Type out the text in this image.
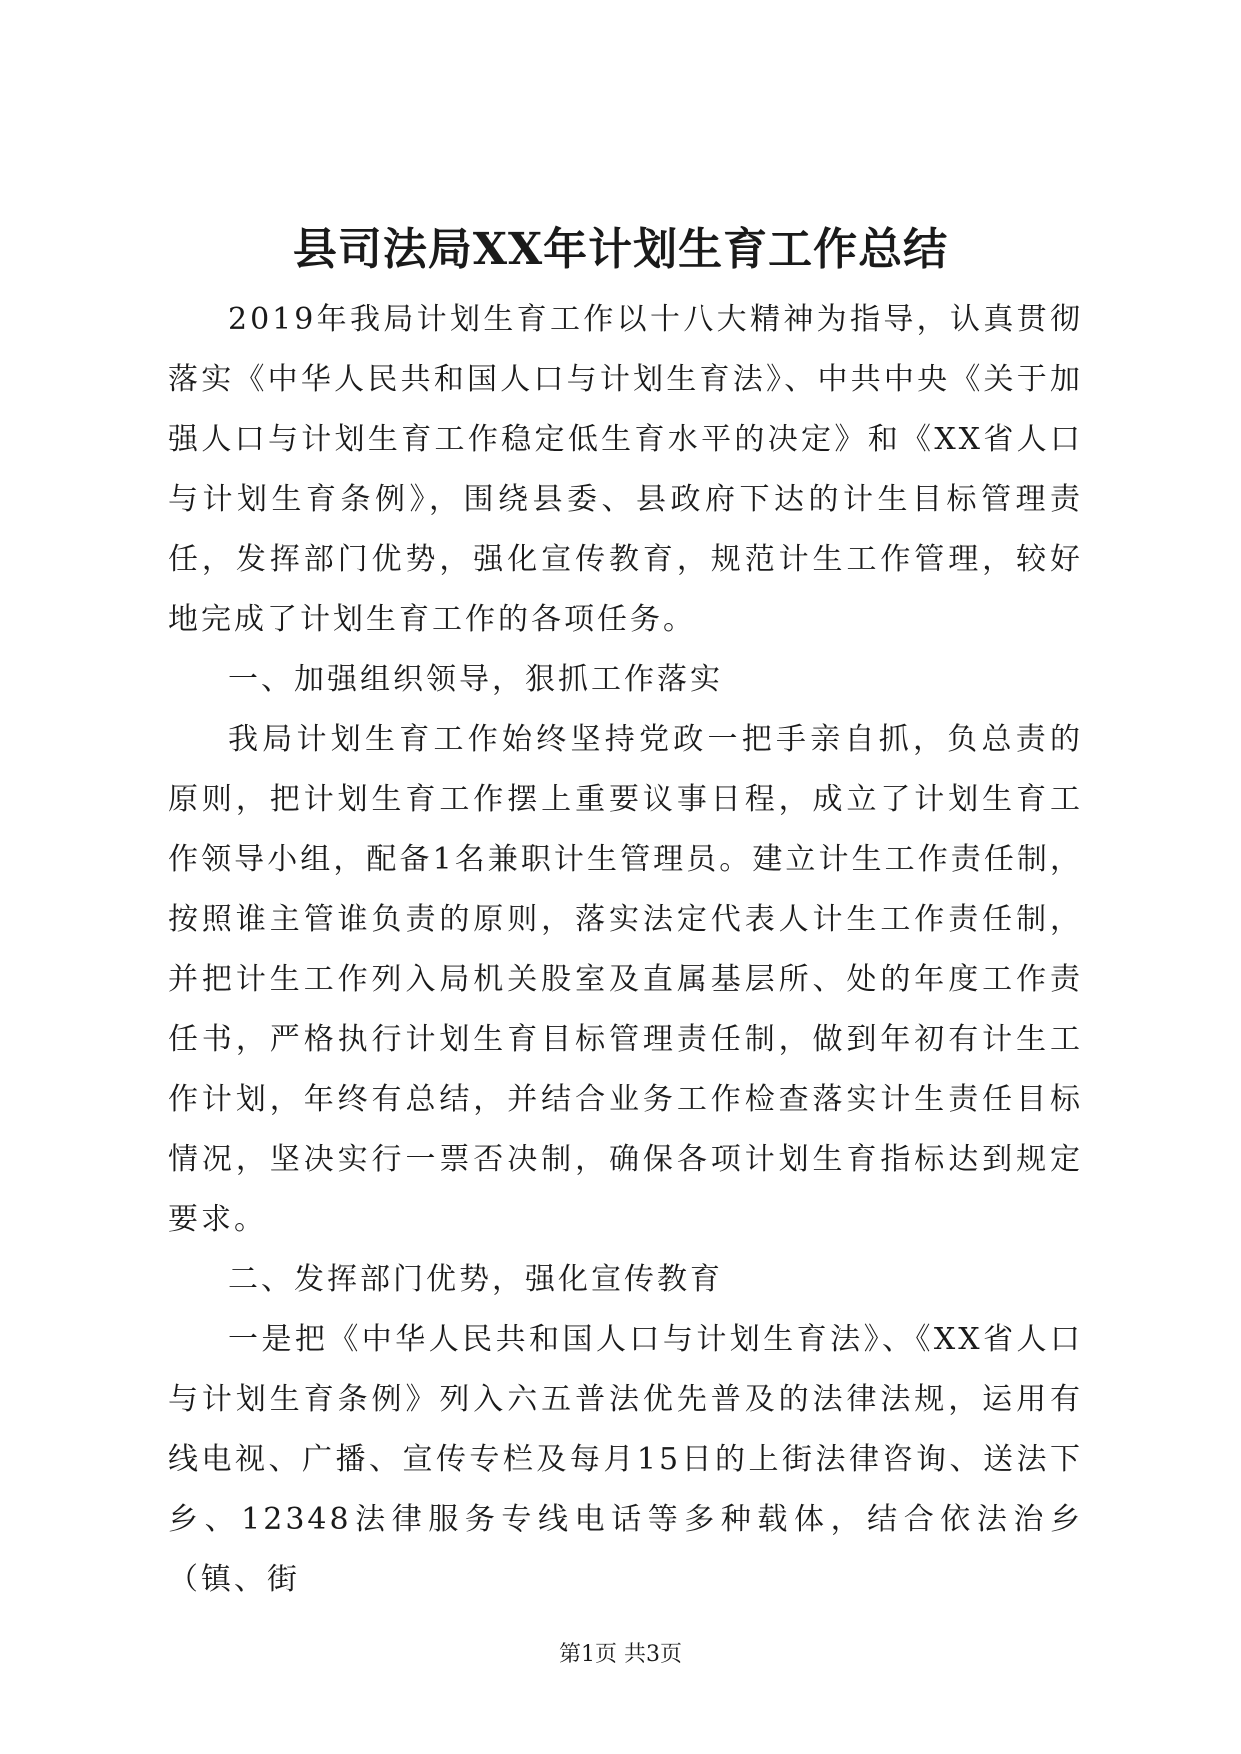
县司法局XX年计划生育工作总结

2019年我局计划生育工作以十八大精神为指导，认真贯彻落实《中华人民共和国人口与计划生育法》、中共中央《关于加强人口与计划生育工作稳定低生育水平的决定》和《XX省人口与计划生育条例》，围绕县委、县政府下达的计生目标管理责任，发挥部门优势，强化宣传教育，规范计生工作管理，较好地完成了计划生育工作的各项任务。

一、加强组织领导，狠抓工作落实

我局计划生育工作始终坚持党政一把手亲自抓，负总责的原则，把计划生育工作摆上重要议事日程，成立了计划生育工作领导小组，配备1名兼职计生管理员。建立计生工作责任制，按照谁主管谁负责的原则，落实法定代表人计生工作责任制，并把计生工作列入局机关股室及直属基层所、处的年度工作责任书，严格执行计划生育目标管理责任制，做到年初有计生工作计划，年终有总结，并结合业务工作检查落实计生责任目标情况，坚决实行一票否决制，确保各项计划生育指标达到规定要求。

二、发挥部门优势，强化宣传教育

一是把《中华人民共和国人口与计划生育法》、《XX省人口与计划生育条例》列入六五普法优先普及的法律法规，运用有线电视、广播、宣传专栏及每月15日的上街法律咨询、送法下乡、12348法律服务专线电话等多种载体，结合依法治乡（镇、街

第1页 共3页
